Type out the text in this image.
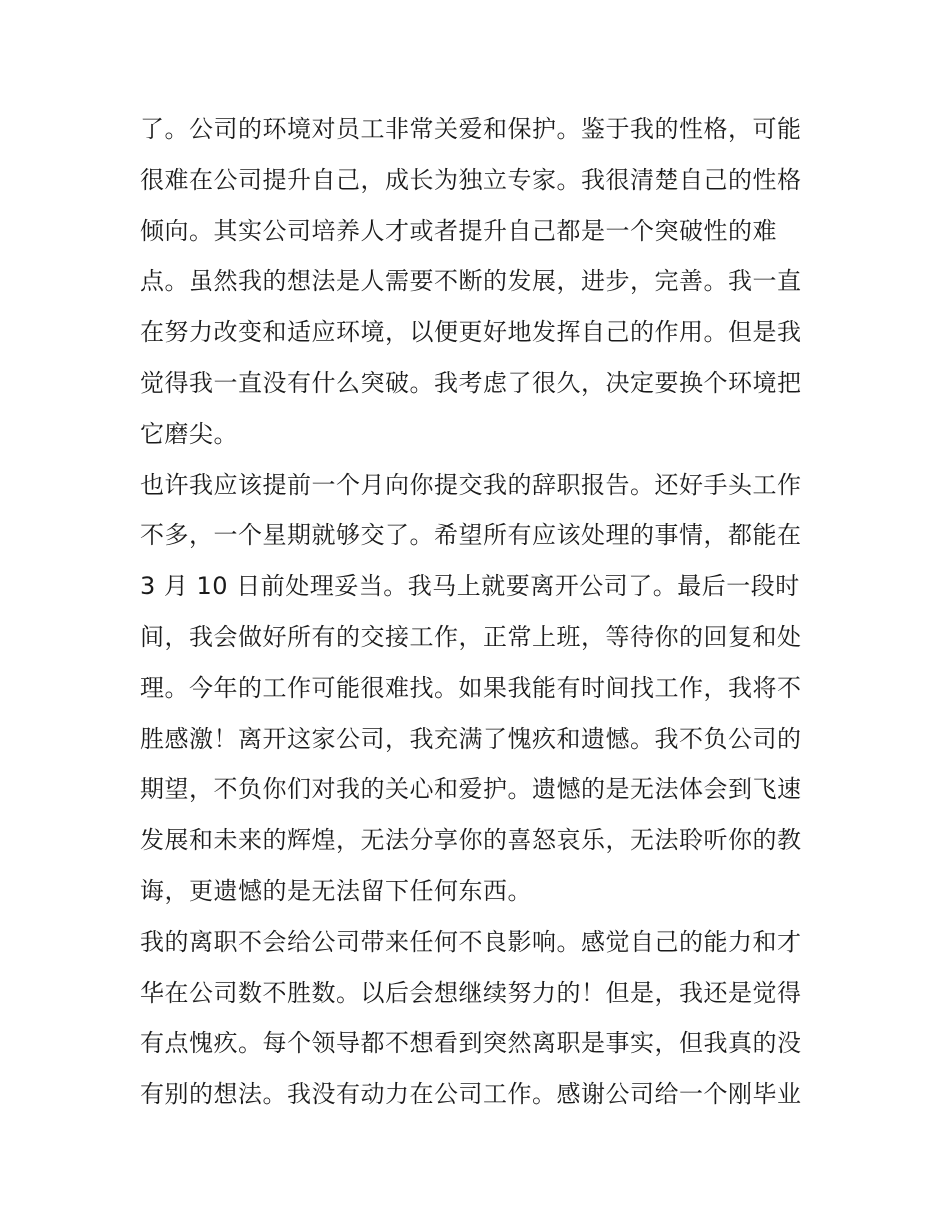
了。公司的环境对员工非常关爱和保护。鉴于我的性格，可能
很难在公司提升自己，成长为独立专家。我很清楚自己的性格
倾向。其实公司培养人才或者提升自己都是一个突破性的难
点。虽然我的想法是人需要不断的发展，进步，完善。我一直
在努力改变和适应环境，以便更好地发挥自己的作用。但是我
觉得我一直没有什么突破。我考虑了很久，决定要换个环境把
它磨尖。
也许我应该提前一个月向你提交我的辞职报告。还好手头工作
不多，一个星期就够交了。希望所有应该处理的事情，都能在
3 月 10 日前处理妥当。我马上就要离开公司了。最后一段时
间，我会做好所有的交接工作，正常上班，等待你的回复和处
理。今年的工作可能很难找。如果我能有时间找工作，我将不
胜感激！离开这家公司，我充满了愧疚和遗憾。我不负公司的
期望，不负你们对我的关心和爱护。遗憾的是无法体会到飞速
发展和未来的辉煌，无法分享你的喜怒哀乐，无法聆听你的教
诲，更遗憾的是无法留下任何东西。
我的离职不会给公司带来任何不良影响。感觉自己的能力和才
华在公司数不胜数。以后会想继续努力的！但是，我还是觉得
有点愧疚。每个领导都不想看到突然离职是事实，但我真的没
有别的想法。我没有动力在公司工作。感谢公司给一个刚毕业
